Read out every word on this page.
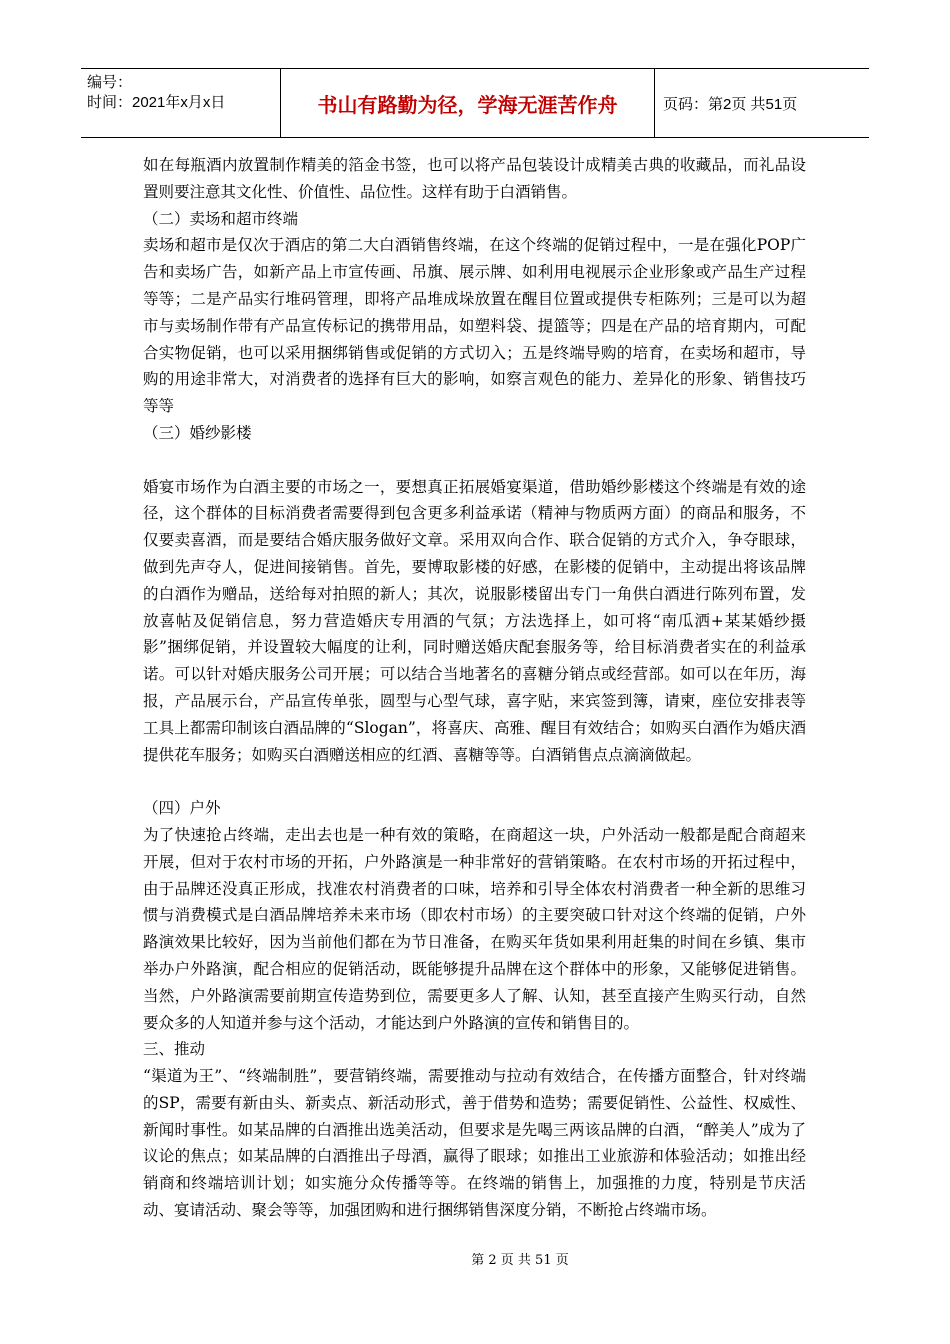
编号：
时间：2021年x月x日	书山有路勤为径，学海无涯苦作舟	页码：第2页 共51页

如在每瓶酒内放置制作精美的箔金书签，也可以将产品包装设计成精美古典的收藏品，而礼品设置则要注意其文化性、价值性、品位性。这样有助于白酒销售。

（二）卖场和超市终端

卖场和超市是仅次于酒店的第二大白酒销售终端，在这个终端的促销过程中，一是在强化POP广告和卖场广告，如新产品上市宣传画、吊旗、展示牌、如利用电视展示企业形象或产品生产过程等等；二是产品实行堆码管理，即将产品堆成垛放置在醒目位置或提供专柜陈列；三是可以为超市与卖场制作带有产品宣传标记的携带用品，如塑料袋、提篮等；四是在产品的培育期内，可配合实物促销，也可以采用捆绑销售或促销的方式切入；五是终端导购的培育，在卖场和超市，导购的用途非常大，对消费者的选择有巨大的影响，如察言观色的能力、差异化的形象、销售技巧等等

（三）婚纱影楼

婚宴市场作为白酒主要的市场之一，要想真正拓展婚宴渠道，借助婚纱影楼这个终端是有效的途径，这个群体的目标消费者需要得到包含更多利益承诺（精神与物质两方面）的商品和服务，不仅要卖喜酒，而是要结合婚庆服务做好文章。采用双向合作、联合促销的方式介入，争夺眼球，做到先声夺人，促进间接销售。首先，要博取影楼的好感，在影楼的促销中，主动提出将该品牌的白酒作为赠品，送给每对拍照的新人；其次，说服影楼留出专门一角供白酒进行陈列布置，发放喜帖及促销信息，努力营造婚庆专用酒的气氛；方法选择上，如可将“南瓜洒+某某婚纱摄影”捆绑促销，并设置较大幅度的让利，同时赠送婚庆配套服务等，给目标消费者实在的利益承诺。可以针对婚庆服务公司开展；可以结合当地著名的喜糖分销点或经营部。如可以在年历，海报，产品展示台，产品宣传单张，圆型与心型气球，喜字贴，来宾签到簿，请柬，座位安排表等工具上都需印制该白酒品牌的“Slogan”，将喜庆、高雅、醒目有效结合；如购买白酒作为婚庆酒提供花车服务；如购买白酒赠送相应的红酒、喜糖等等。白酒销售点点滴滴做起。

（四）户外

为了快速抢占终端，走出去也是一种有效的策略，在商超这一块，户外活动一般都是配合商超来开展，但对于农村市场的开拓，户外路演是一种非常好的营销策略。在农村市场的开拓过程中，由于品牌还没真正形成，找准农村消费者的口味，培养和引导全体农村消费者一种全新的思维习惯与消费模式是白酒品牌培养未来市场（即农村市场）的主要突破口针对这个终端的促销，户外路演效果比较好，因为当前他们都在为节日准备，在购买年货如果利用赶集的时间在乡镇、集市举办户外路演，配合相应的促销活动，既能够提升品牌在这个群体中的形象，又能够促进销售。当然，户外路演需要前期宣传造势到位，需要更多人了解、认知，甚至直接产生购买行动，自然要众多的人知道并参与这个活动，才能达到户外路演的宣传和销售目的。

三、推动

“渠道为王”、“终端制胜”，要营销终端，需要推动与拉动有效结合，在传播方面整合，针对终端的SP，需要有新由头、新卖点、新活动形式，善于借势和造势；需要促销性、公益性、权威性、新闻时事性。如某品牌的白酒推出选美活动，但要求是先喝三两该品牌的白酒，“醉美人”成为了议论的焦点；如某品牌的白酒推出子母酒，赢得了眼球；如推出工业旅游和体验活动；如推出经销商和终端培训计划；如实施分众传播等等。在终端的销售上，加强推的力度，特别是节庆活动、宴请活动、聚会等等，加强团购和进行捆绑销售深度分销，不断抢占终端市场。

第 2 页 共 51 页
